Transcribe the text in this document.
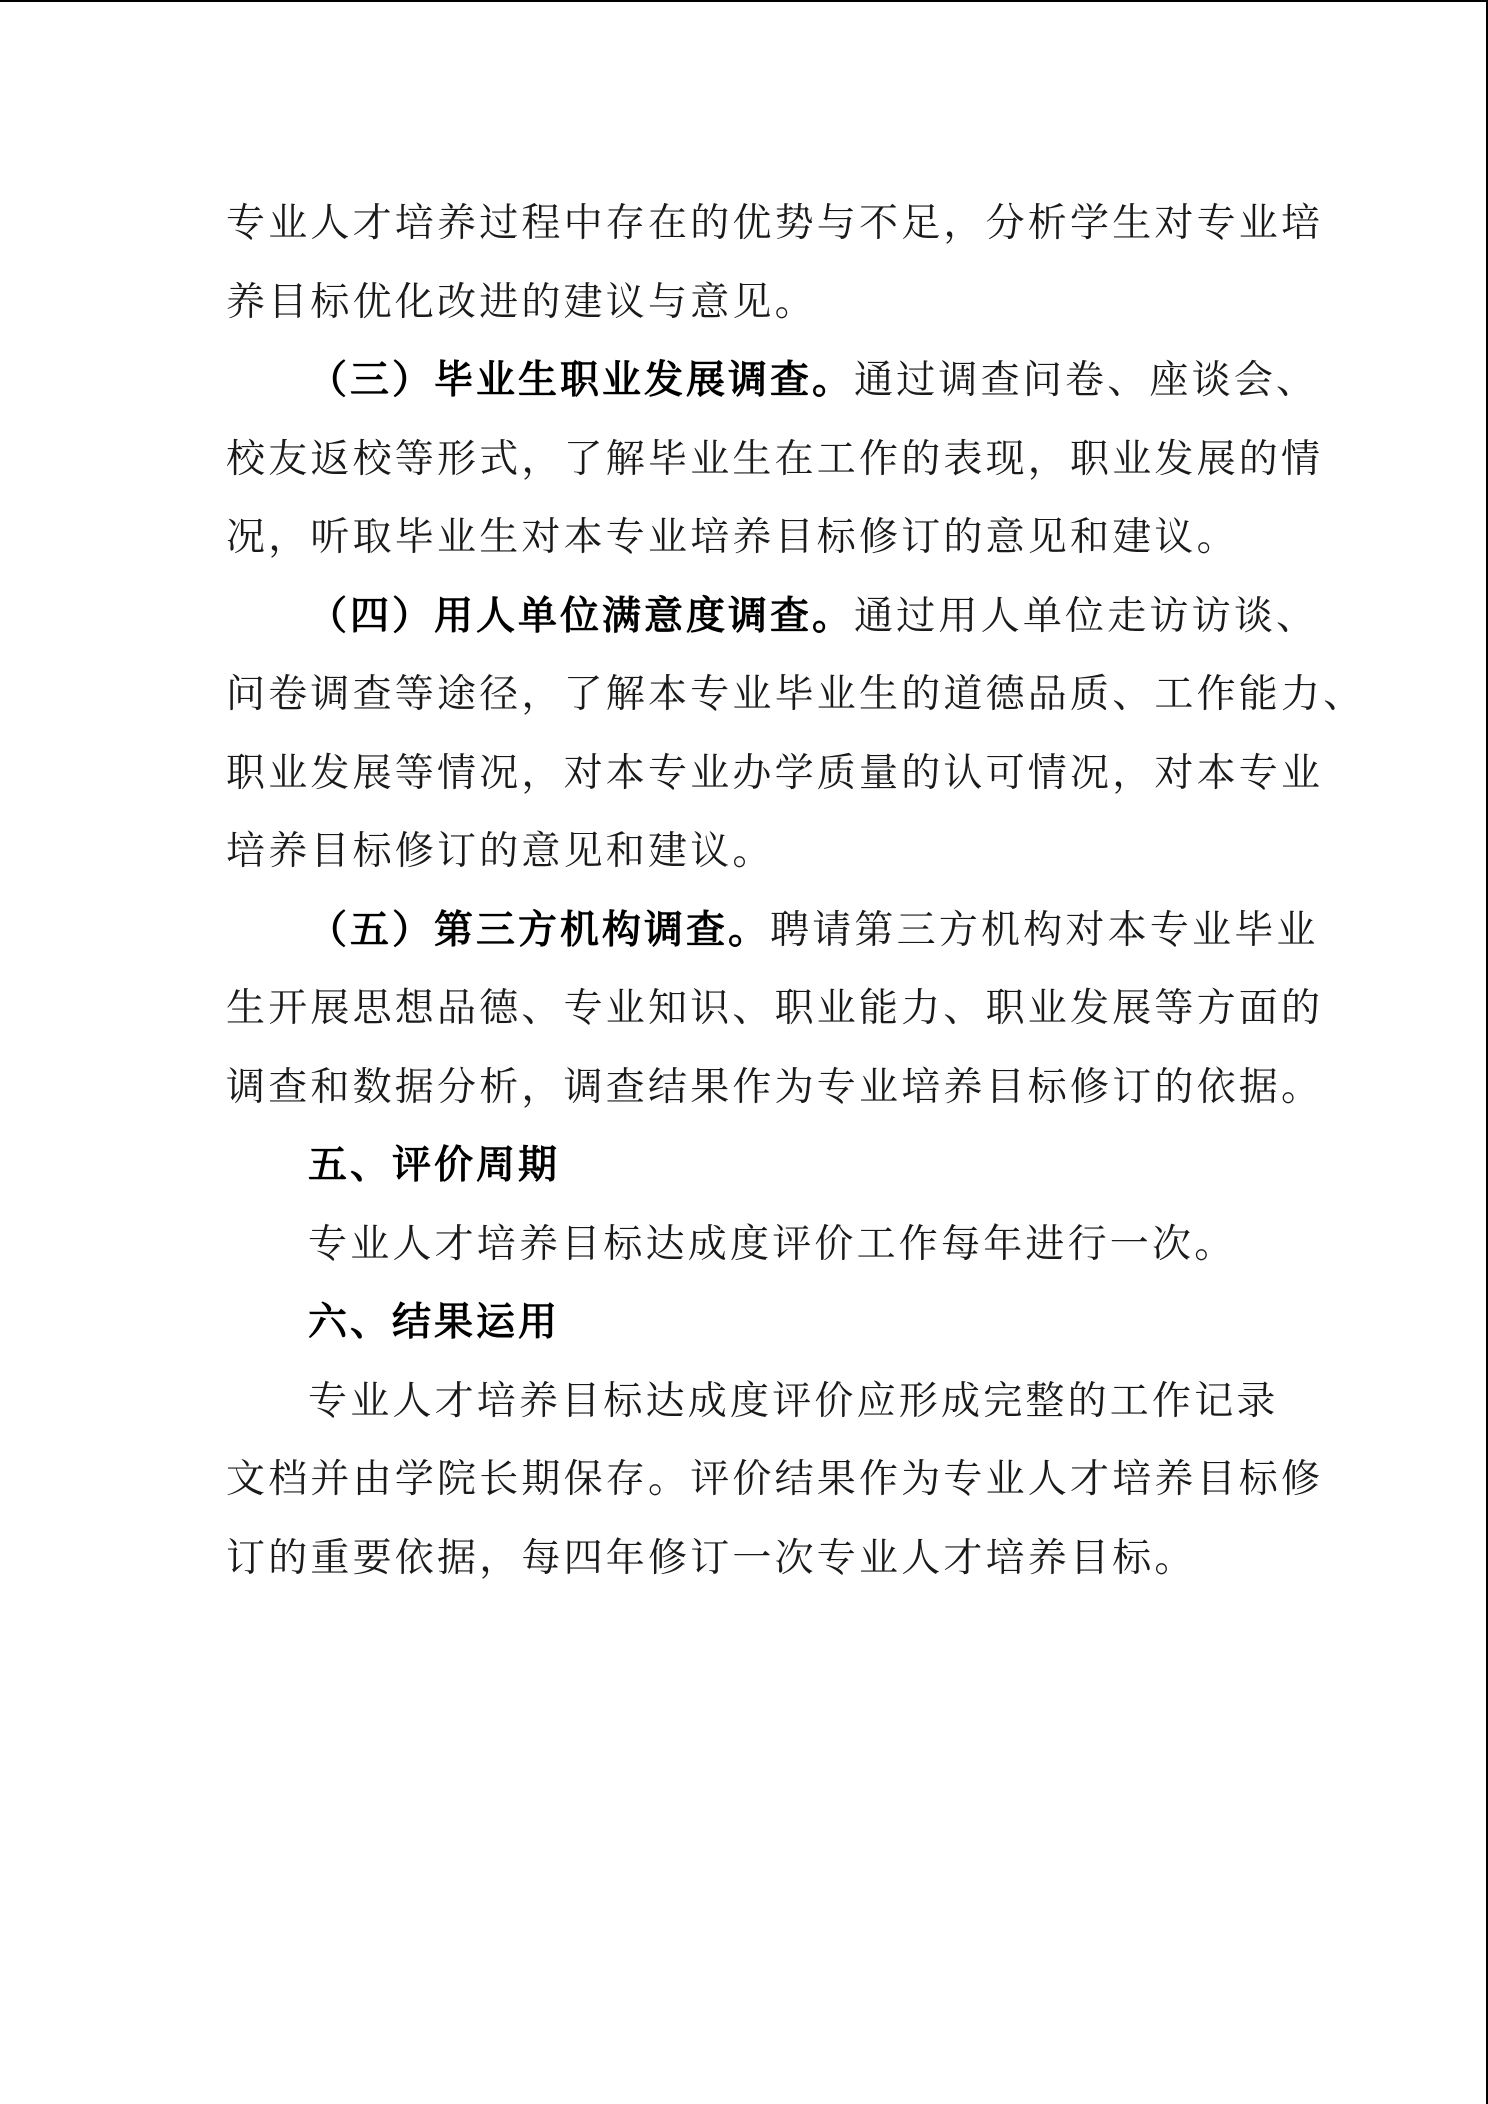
专业人才培养过程中存在的优势与不足，分析学生对专业培
养目标优化改进的建议与意见。
（三）毕业生职业发展调查。通过调查问卷、座谈会、
校友返校等形式，了解毕业生在工作的表现，职业发展的情
况，听取毕业生对本专业培养目标修订的意见和建议。
（四）用人单位满意度调查。通过用人单位走访访谈、
问卷调查等途径，了解本专业毕业生的道德品质、工作能力、
职业发展等情况，对本专业办学质量的认可情况，对本专业
培养目标修订的意见和建议。
（五）第三方机构调查。聘请第三方机构对本专业毕业
生开展思想品德、专业知识、职业能力、职业发展等方面的
调查和数据分析，调查结果作为专业培养目标修订的依据。
五、评价周期
专业人才培养目标达成度评价工作每年进行一次。
六、结果运用
专业人才培养目标达成度评价应形成完整的工作记录
文档并由学院长期保存。评价结果作为专业人才培养目标修
订的重要依据，每四年修订一次专业人才培养目标。
